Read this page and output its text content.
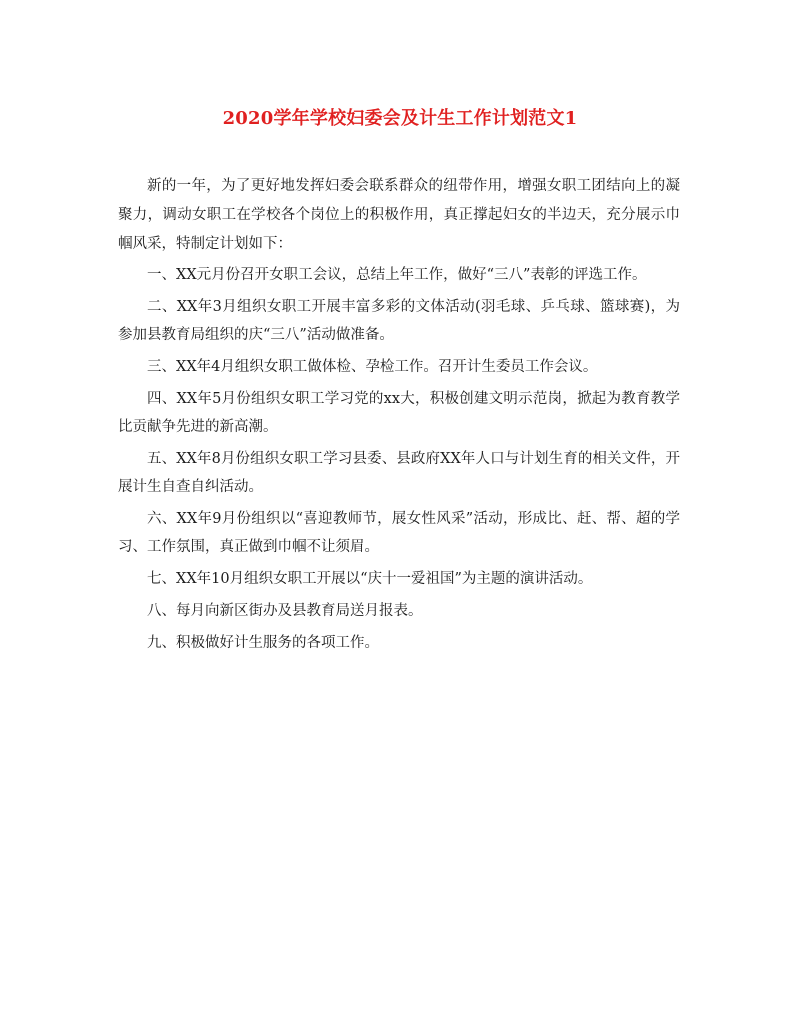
2020学年学校妇委会及计生工作计划范文1

新的一年，为了更好地发挥妇委会联系群众的纽带作用，增强女职工团结向上的凝聚力，调动女职工在学校各个岗位上的积极作用，真正撑起妇女的半边天，充分展示巾帼风采，特制定计划如下：

一、XX元月份召开女职工会议，总结上年工作，做好“三八”表彰的评选工作。

二、XX年3月组织女职工开展丰富多彩的文体活动(羽毛球、乒乓球、篮球赛)，为参加县教育局组织的庆“三八”活动做准备。

三、XX年4月组织女职工做体检、孕检工作。召开计生委员工作会议。

四、XX年5月份组织女职工学习党的xx大，积极创建文明示范岗，掀起为教育教学比贡献争先进的新高潮。

五、XX年8月份组织女职工学习县委、县政府XX年人口与计划生育的相关文件，开展计生自查自纠活动。

六、XX年9月份组织以“喜迎教师节，展女性风采”活动，形成比、赶、帮、超的学习、工作氛围，真正做到巾帼不让须眉。

七、XX年10月组织女职工开展以“庆十一爱祖国”为主题的演讲活动。

八、每月向新区街办及县教育局送月报表。

九、积极做好计生服务的各项工作。
